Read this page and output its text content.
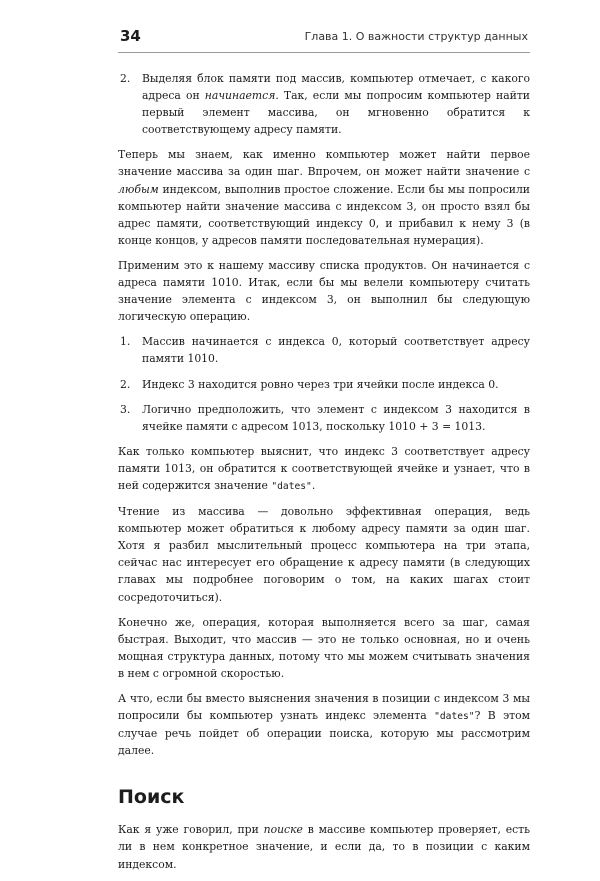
34	Глава 1. О важности структур данных
2.	Выделяя блок памяти под массив, компьютер отмечает, с какого адреса он начинается. Так, если мы попросим компьютер найти первый элемент массива, он мгновенно обратится к соответствующему адресу памяти.

Теперь мы знаем, как именно компьютер может найти первое значение массива за один шаг. Впрочем, он может найти значение с любым индексом, выполнив простое сложение. Если бы мы попросили компьютер найти значение массива с индексом 3, он просто взял бы адрес памяти, соответствующий индексу 0, и прибавил к нему 3 (в конце концов, у адресов памяти последовательная нумерация).

Применим это к нашему массиву списка продуктов. Он начинается с адреса памяти 1010. Итак, если бы мы велели компьютеру считать значение элемента с индексом 3, он выполнил бы следующую логическую операцию.

1.	Массив начинается с индекса 0, который соответствует адресу памяти 1010.
2.	Индекс 3 находится ровно через три ячейки после индекса 0.
3.	Логично предположить, что элемент с индексом 3 находится в ячейке памяти с адресом 1013, поскольку 1010 + 3 = 1013.

Как только компьютер выяснит, что индекс 3 соответствует адресу памяти 1013, он обратится к соответствующей ячейке и узнает, что в ней содержится значение "dates".

Чтение из массива — довольно эффективная операция, ведь компьютер может обратиться к любому адресу памяти за один шаг. Хотя я разбил мыслительный процесс компьютера на три этапа, сейчас нас интересует его обращение к адресу памяти (в следующих главах мы подробнее поговорим о том, на каких шагах стоит сосредоточиться).

Конечно же, операция, которая выполняется всего за шаг, самая быстрая. Выходит, что массив — это не только основная, но и очень мощная структура данных, потому что мы можем считывать значения в нем с огромной скоростью.

А что, если бы вместо выяснения значения в позиции с индексом 3 мы попросили бы компьютер узнать индекс элемента "dates"? В этом случае речь пойдет об операции поиска, которую мы рассмотрим далее.

Поиск

Как я уже говорил, при поиске в массиве компьютер проверяет, есть ли в нем конкретное значение, и если да, то в позиции с каким индексом.
